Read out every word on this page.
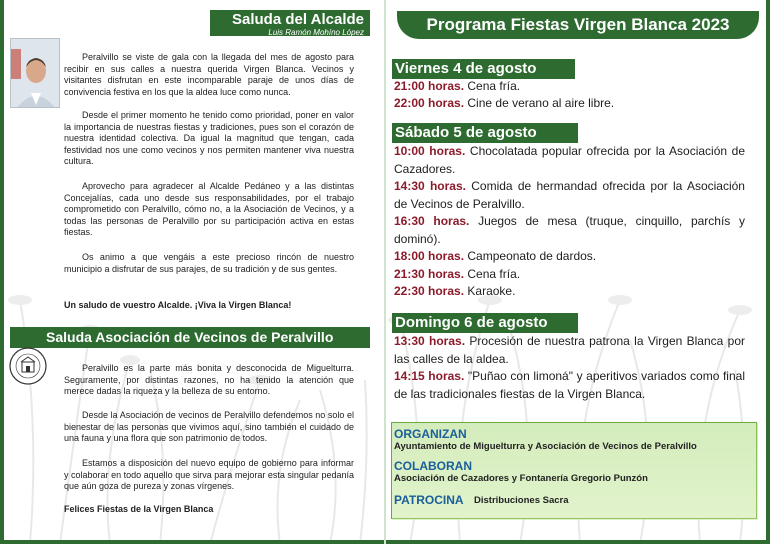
Saluda del Alcalde
Luis Ramón Mohíno López

Peralvillo se viste de gala con la llegada del mes de agosto para recibir en sus calles a nuestra querida Virgen Blanca. Vecinos y visitantes disfrutan en este incomparable paraje de unos días de convivencia festiva en los que la aldea luce como nunca.

Desde el primer momento he tenido como prioridad, poner en valor la importancia de nuestras fiestas y tradiciones, pues son el corazón de nuestra identidad colectiva. Da igual la magnitud que tengan, cada festividad nos une como vecinos y nos permiten mantener viva nuestra cultura.

Aprovecho para agradecer al Alcalde Pedáneo y a las distintas Concejalías, cada uno desde sus responsabilidades, por el trabajo comprometido con Peralvillo, cómo no, a la Asociación de Vecinos, y a todas las personas de Peralvillo por su participación activa en estas fiestas.

Os animo a que vengáis a este precioso rincón de nuestro municipio a disfrutar de sus parajes, de su tradición y de sus gentes.

Un saludo de vuestro Alcalde. ¡Viva la Virgen Blanca!

Saluda Asociación de Vecinos de Peralvillo

Peralvillo es la parte más bonita y desconocida de Miguelturra. Seguramente, por distintas razones, no ha tenido la atención que merece dadas la riqueza y la belleza de su entorno.

Desde la Asociación de vecinos de Peralvillo defendemos no solo el bienestar de las personas que vivimos aquí, sino también el cuidado de una fauna y una flora que son patrimonio de todos.

Estamos a disposición del nuevo equipo de gobierno para informar y colaborar en todo aquello que sirva para mejorar esta singular pedanía que aún goza de pureza y zonas vírgenes.

Felices Fiestas de la Virgen Blanca

Programa Fiestas Virgen Blanca 2023
Viernes 4 de agosto

21:00 horas. Cena fría.

22:00 horas. Cine de verano al aire libre.

Sábado 5 de agosto

10:00 horas. Chocolatada popular ofrecida por la Asociación de Cazadores.

14:30 horas. Comida de hermandad ofrecida por la Asociación de Vecinos de Peralvillo.

16:30 horas. Juegos de mesa (truque, cinquillo, parchís y dominó).

18:00 horas. Campeonato de dardos.

21:30 horas. Cena fría.

22:30 horas. Karaoke.

Domingo 6 de agosto

13:30 horas. Procesión de nuestra patrona la Virgen Blanca por las calles de la aldea.

14:15 horas. "Puñao con limoná" y aperitivos variados como final de las tradicionales fiestas de la Virgen Blanca.

ORGANIZAN
Ayuntamiento de Miguelturra y Asociación de Vecinos de Peralvillo
COLABORAN
Asociación de Cazadores y Fontanería Gregorio Punzón
PATROCINA Distribuciones Sacra
